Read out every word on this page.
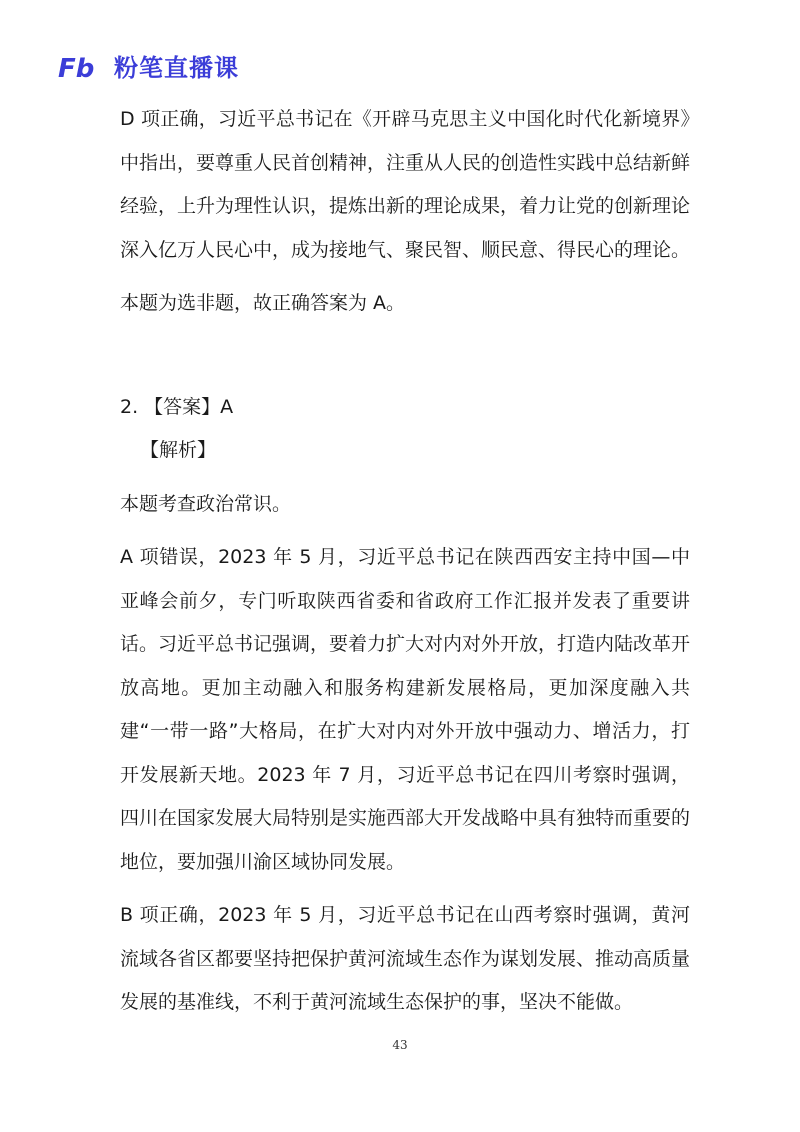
Fb 粉笔直播课

D 项正确，习近平总书记在《开辟马克思主义中国化时代化新境界》中指出，要尊重人民首创精神，注重从人民的创造性实践中总结新鲜经验，上升为理性认识，提炼出新的理论成果，着力让党的创新理论深入亿万人民心中，成为接地气、聚民智、顺民意、得民心的理论。

本题为选非题，故正确答案为 A。

2. 【答案】A

【解析】

本题考查政治常识。

A 项错误，2023 年 5 月，习近平总书记在陕西西安主持中国—中亚峰会前夕，专门听取陕西省委和省政府工作汇报并发表了重要讲话。习近平总书记强调，要着力扩大对内对外开放，打造内陆改革开放高地。更加主动融入和服务构建新发展格局，更加深度融入共建“一带一路”大格局，在扩大对内对外开放中强动力、增活力，打开发展新天地。2023 年 7 月，习近平总书记在四川考察时强调，四川在国家发展大局特别是实施西部大开发战略中具有独特而重要的地位，要加强川渝区域协同发展。

B 项正确，2023 年 5 月，习近平总书记在山西考察时强调，黄河流域各省区都要坚持把保护黄河流域生态作为谋划发展、推动高质量发展的基准线，不利于黄河流域生态保护的事，坚决不能做。

43
